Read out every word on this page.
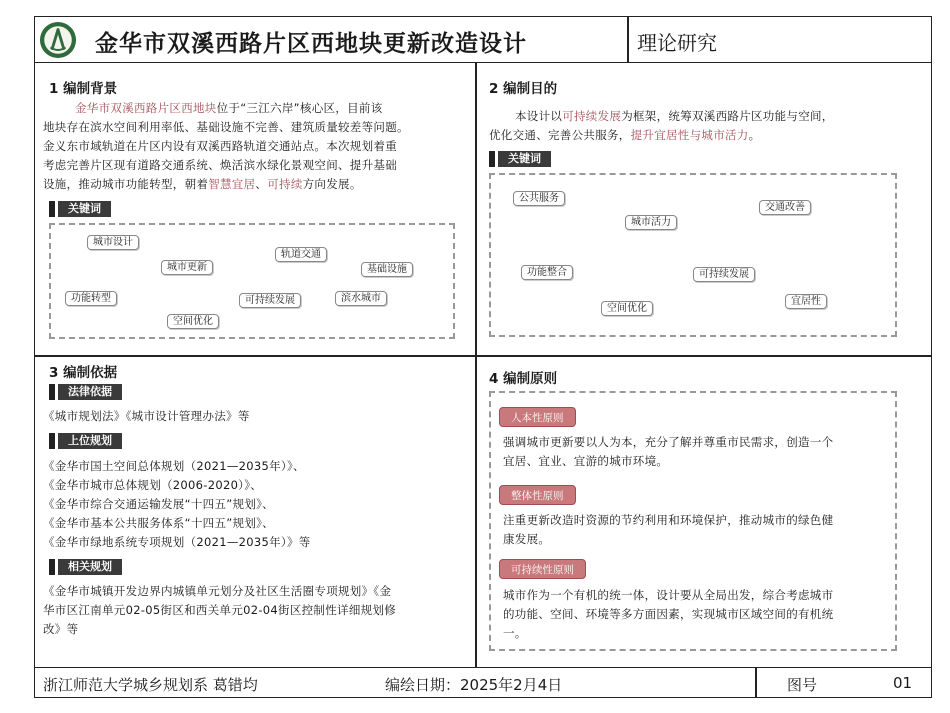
金华市双溪西路片区西地块更新改造设计	理论研究
1 编制背景
金华市双溪西路片区西地块位于“三江六岸”核心区，目前该
地块存在滨水空间利用率低、基础设施不完善、建筑质量较差等问题。
金义东市域轨道在片区内设有双溪西路轨道交通站点。本次规划着重
考虑完善片区现有道路交通系统、焕活滨水绿化景观空间、提升基础
设施，推动城市功能转型，朝着智慧宜居、可持续方向发展。
关键词
城市设计
城市更新
轨道交通
基础设施
功能转型	可持续发展	滨水城市
空间优化
2 编制目的
本设计以可持续发展为框架，统筹双溪西路片区功能与空间，
优化交通、完善公共服务，提升宜居性与城市活力。
关键词
公共服务
城市活力
交通改善
功能整合	可持续发展
空间优化
宜居性
3 编制依据
法律依据
《城市规划法》《城市设计管理办法》等
上位规划
《金华市国土空间总体规划（2021—2035年）》、
《金华市城市总体规划（2006-2020）》、
《金华市综合交通运输发展“十四五”规划》、
《金华市基本公共服务体系“十四五”规划》、
《金华市绿地系统专项规划（2021—2035年）》等
相关规划
《金华市城镇开发边界内城镇单元划分及社区生活圈专项规划》《金
华市区江南单元02-05街区和西关单元02-04街区控制性详细规划修
改》等
4 编制原则
人本性原则
强调城市更新要以人为本，充分了解并尊重市民需求，创造一个
宜居、宜业、宜游的城市环境。
整体性原则
注重更新改造时资源的节约利用和环境保护，推动城市的绿色健
康发展。
可持续性原则
城市作为一个有机的统一体，设计要从全局出发，综合考虑城市
的功能、空间、环境等多方面因素，实现城市区域空间的有机统
一。
浙江师范大学城乡规划系 葛错均	编绘日期：2025年2月4日	图号	01
